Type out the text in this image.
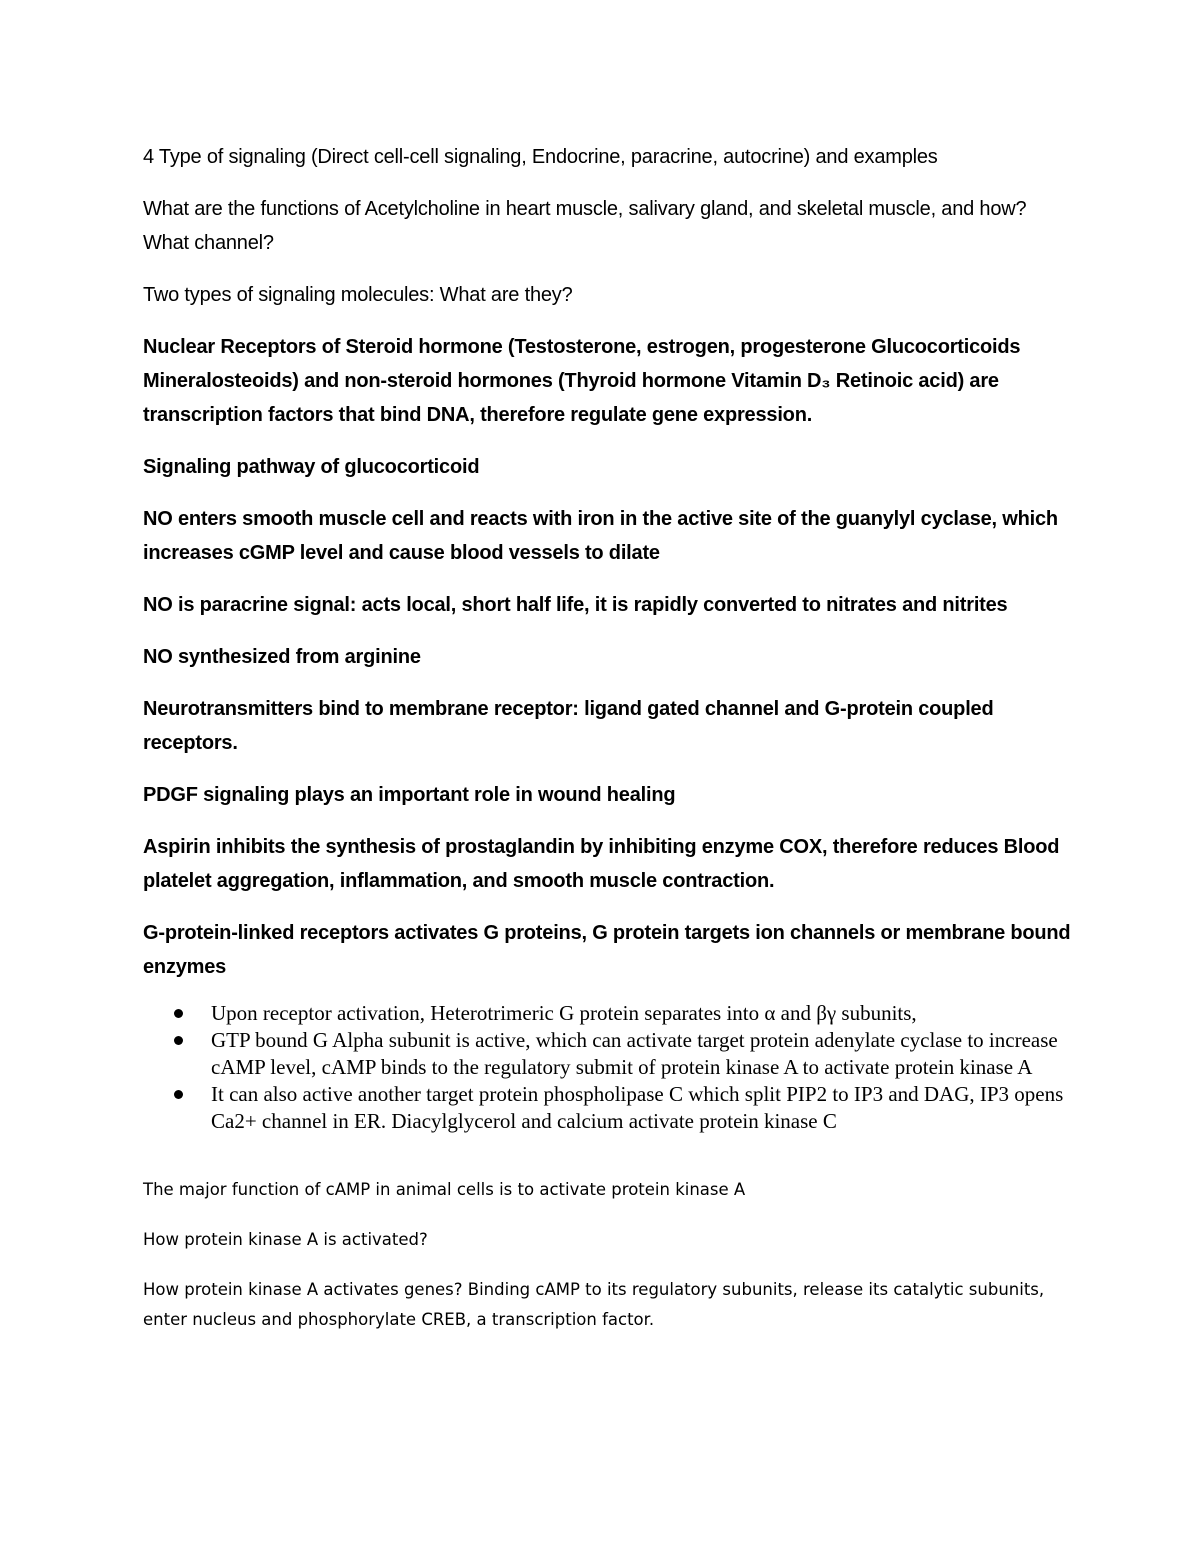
4 Type of signaling (Direct cell-cell signaling, Endocrine, paracrine, autocrine) and examples

What are the functions of Acetylcholine in heart muscle, salivary gland, and skeletal muscle, and how? What channel?

Two types of signaling molecules: What are they?

Nuclear Receptors of Steroid hormone (Testosterone, estrogen, progesterone Glucocorticoids Mineralosteoids) and non-steroid hormones (Thyroid hormone Vitamin D₃ Retinoic acid) are transcription factors that bind DNA, therefore regulate gene expression.

Signaling pathway of glucocorticoid

NO enters smooth muscle cell and reacts with iron in the active site of the guanylyl cyclase, which increases cGMP level and cause blood vessels to dilate

NO is paracrine signal: acts local, short half life, it is rapidly converted to nitrates and nitrites

NO synthesized from arginine

Neurotransmitters bind to membrane receptor: ligand gated channel and G-protein coupled receptors.

PDGF signaling plays an important role in wound healing

Aspirin inhibits the synthesis of prostaglandin by inhibiting enzyme COX, therefore reduces Blood platelet aggregation, inflammation, and smooth muscle contraction.

G-protein-linked receptors activates G proteins, G protein targets ion channels or membrane bound enzymes

Upon receptor activation, Heterotrimeric G protein separates into α and βγ subunits,
GTP bound G Alpha subunit is active, which can activate target protein adenylate cyclase to increase cAMP level, cAMP binds to the regulatory submit of protein kinase A to activate protein kinase A
It can also active another target protein phospholipase C which split PIP2 to IP3 and DAG, IP3 opens Ca2+ channel in ER. Diacylglycerol and calcium activate protein kinase C

The major function of cAMP in animal cells is to activate protein kinase A

How protein kinase A is activated?

How protein kinase A activates genes? Binding cAMP to its regulatory subunits, release its catalytic subunits, enter nucleus and phosphorylate CREB, a transcription factor.
